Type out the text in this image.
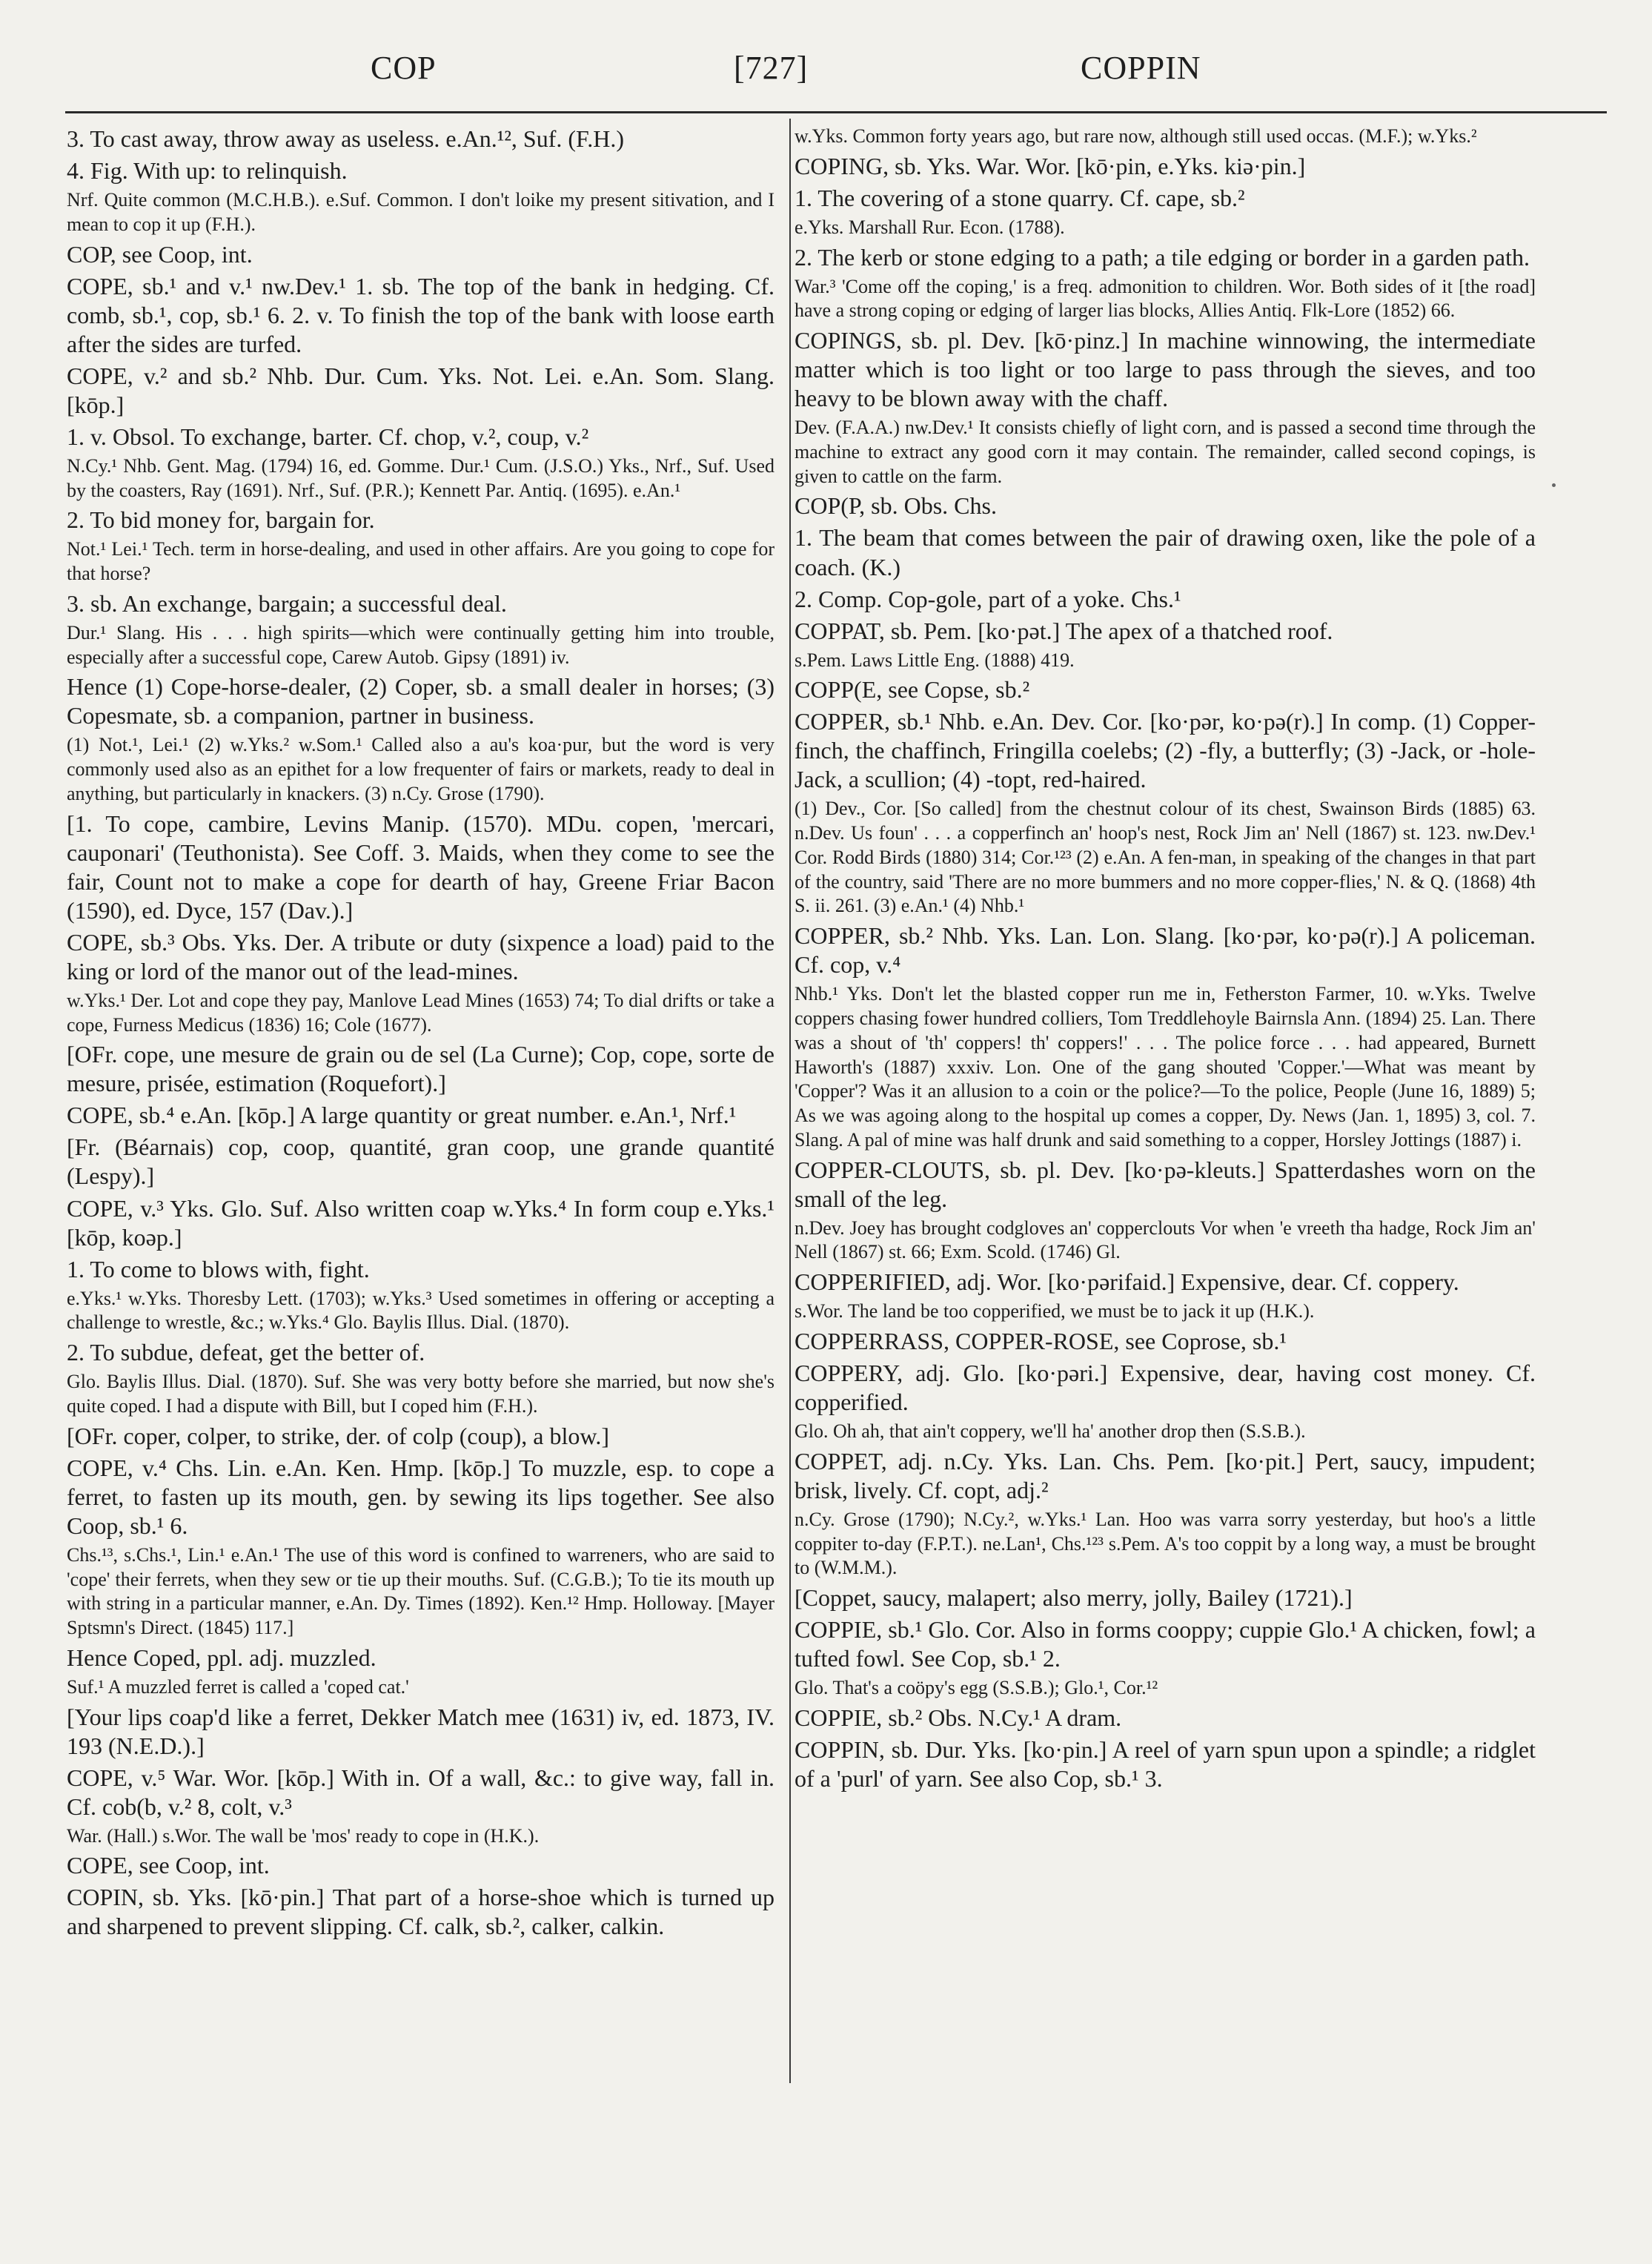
COP	[727]	COPPIN

3. To cast away, throw away as useless. e.An.¹², Suf. (F.H.)

4. Fig. With up: to relinquish.

Nrf. Quite common (M.C.H.B.). e.Suf. Common. I don't loike my present sitivation, and I mean to cop it up (F.H.).

COP, see Coop, int.

COPE, sb.¹ and v.¹ nw.Dev.¹ 1. sb. The top of the bank in hedging. Cf. comb, sb.¹, cop, sb.¹ 6. 2. v. To finish the top of the bank with loose earth after the sides are turfed.

COPE, v.² and sb.² Nhb. Dur. Cum. Yks. Not. Lei. e.An. Som. Slang. [kōp.]

1. v. Obsol. To exchange, barter. Cf. chop, v.², coup, v.²

N.Cy.¹ Nhb. Gent. Mag. (1794) 16, ed. Gomme. Dur.¹ Cum. (J.S.O.) Yks., Nrf., Suf. Used by the coasters, Ray (1691). Nrf., Suf. (P.R.); Kennett Par. Antiq. (1695). e.An.¹

2. To bid money for, bargain for.

Not.¹ Lei.¹ Tech. term in horse-dealing, and used in other affairs. Are you going to cope for that horse?

3. sb. An exchange, bargain; a successful deal.

Dur.¹ Slang. His . . . high spirits—which were continually getting him into trouble, especially after a successful cope, Carew Autob. Gipsy (1891) iv.

Hence (1) Cope-horse-dealer, (2) Coper, sb. a small dealer in horses; (3) Copesmate, sb. a companion, partner in business.

(1) Not.¹, Lei.¹ (2) w.Yks.² w.Som.¹ Called also a au's koa·pur, but the word is very commonly used also as an epithet for a low frequenter of fairs or markets, ready to deal in anything, but particularly in knackers. (3) n.Cy. Grose (1790).

[1. To cope, cambire, Levins Manip. (1570). MDu. copen, 'mercari, cauponari' (Teuthonista). See Coff. 3. Maids, when they come to see the fair, Count not to make a cope for dearth of hay, Greene Friar Bacon (1590), ed. Dyce, 157 (Dav.).]

COPE, sb.³ Obs. Yks. Der. A tribute or duty (sixpence a load) paid to the king or lord of the manor out of the lead-mines.

w.Yks.¹ Der. Lot and cope they pay, Manlove Lead Mines (1653) 74; To dial drifts or take a cope, Furness Medicus (1836) 16; Cole (1677).

[OFr. cope, une mesure de grain ou de sel (La Curne); Cop, cope, sorte de mesure, prisée, estimation (Roquefort).]

COPE, sb.⁴ e.An. [kōp.] A large quantity or great number. e.An.¹, Nrf.¹

[Fr. (Béarnais) cop, coop, quantité, gran coop, une grande quantité (Lespy).]

COPE, v.³ Yks. Glo. Suf. Also written coap w.Yks.⁴ In form coup e.Yks.¹ [kōp, koəp.]

1. To come to blows with, fight.

e.Yks.¹ w.Yks. Thoresby Lett. (1703); w.Yks.³ Used sometimes in offering or accepting a challenge to wrestle, &c.; w.Yks.⁴ Glo. Baylis Illus. Dial. (1870).

2. To subdue, defeat, get the better of.

Glo. Baylis Illus. Dial. (1870). Suf. She was very botty before she married, but now she's quite coped. I had a dispute with Bill, but I coped him (F.H.).

[OFr. coper, colper, to strike, der. of colp (coup), a blow.]

COPE, v.⁴ Chs. Lin. e.An. Ken. Hmp. [kōp.] To muzzle, esp. to cope a ferret, to fasten up its mouth, gen. by sewing its lips together. See also Coop, sb.¹ 6.

Chs.¹³, s.Chs.¹, Lin.¹ e.An.¹ The use of this word is confined to warreners, who are said to 'cope' their ferrets, when they sew or tie up their mouths. Suf. (C.G.B.); To tie its mouth up with string in a particular manner, e.An. Dy. Times (1892). Ken.¹² Hmp. Holloway. [Mayer Sptsmn's Direct. (1845) 117.]

Hence Coped, ppl. adj. muzzled.

Suf.¹ A muzzled ferret is called a 'coped cat.'

[Your lips coap'd like a ferret, Dekker Match mee (1631) iv, ed. 1873, IV. 193 (N.E.D.).]

COPE, v.⁵ War. Wor. [kōp.] With in. Of a wall, &c.: to give way, fall in. Cf. cob(b, v.² 8, colt, v.³

War. (Hall.) s.Wor. The wall be 'mos' ready to cope in (H.K.).

COPE, see Coop, int.

COPIN, sb. Yks. [kō·pin.] That part of a horse-shoe which is turned up and sharpened to prevent slipping. Cf. calk, sb.², calker, calkin.

w.Yks. Common forty years ago, but rare now, although still used occas. (M.F.); w.Yks.²

COPING, sb. Yks. War. Wor. [kō·pin, e.Yks. kiə·pin.]

1. The covering of a stone quarry. Cf. cape, sb.²

e.Yks. Marshall Rur. Econ. (1788).

2. The kerb or stone edging to a path; a tile edging or border in a garden path.

War.³ 'Come off the coping,' is a freq. admonition to children. Wor. Both sides of it [the road] have a strong coping or edging of larger lias blocks, Allies Antiq. Flk-Lore (1852) 66.

COPINGS, sb. pl. Dev. [kō·pinz.] In machine winnowing, the intermediate matter which is too light or too large to pass through the sieves, and too heavy to be blown away with the chaff.

Dev. (F.A.A.) nw.Dev.¹ It consists chiefly of light corn, and is passed a second time through the machine to extract any good corn it may contain. The remainder, called second copings, is given to cattle on the farm.

COP(P, sb. Obs. Chs.

1. The beam that comes between the pair of drawing oxen, like the pole of a coach. (K.)

2. Comp. Cop-gole, part of a yoke. Chs.¹

COPPAT, sb. Pem. [ko·pət.] The apex of a thatched roof.

s.Pem. Laws Little Eng. (1888) 419.

COPP(E, see Copse, sb.²

COPPER, sb.¹ Nhb. e.An. Dev. Cor. [ko·pər, ko·pə(r).] In comp. (1) Copper-finch, the chaffinch, Fringilla coelebs; (2) -fly, a butterfly; (3) -Jack, or -hole-Jack, a scullion; (4) -topt, red-haired.

(1) Dev., Cor. [So called] from the chestnut colour of its chest, Swainson Birds (1885) 63. n.Dev. Us foun' . . . a copperfinch an' hoop's nest, Rock Jim an' Nell (1867) st. 123. nw.Dev.¹ Cor. Rodd Birds (1880) 314; Cor.¹²³ (2) e.An. A fen-man, in speaking of the changes in that part of the country, said 'There are no more bummers and no more copper-flies,' N. & Q. (1868) 4th S. ii. 261. (3) e.An.¹ (4) Nhb.¹

COPPER, sb.² Nhb. Yks. Lan. Lon. Slang. [ko·pər, ko·pə(r).] A policeman. Cf. cop, v.⁴

Nhb.¹ Yks. Don't let the blasted copper run me in, Fetherston Farmer, 10. w.Yks. Twelve coppers chasing fower hundred colliers, Tom Treddlehoyle Bairnsla Ann. (1894) 25. Lan. There was a shout of 'th' coppers! th' coppers!' . . . The police force . . . had appeared, Burnett Haworth's (1887) xxxiv. Lon. One of the gang shouted 'Copper.'—What was meant by 'Copper'? Was it an allusion to a coin or the police?—To the police, People (June 16, 1889) 5; As we was agoing along to the hospital up comes a copper, Dy. News (Jan. 1, 1895) 3, col. 7. Slang. A pal of mine was half drunk and said something to a copper, Horsley Jottings (1887) i.

COPPER-CLOUTS, sb. pl. Dev. [ko·pə-kleuts.] Spatterdashes worn on the small of the leg.

n.Dev. Joey has brought codgloves an' copperclouts Vor when 'e vreeth tha hadge, Rock Jim an' Nell (1867) st. 66; Exm. Scold. (1746) Gl.

COPPERIFIED, adj. Wor. [ko·pərifaid.] Expensive, dear. Cf. coppery.

s.Wor. The land be too copperified, we must be to jack it up (H.K.).

COPPERRASS, COPPER-ROSE, see Coprose, sb.¹

COPPERY, adj. Glo. [ko·pəri.] Expensive, dear, having cost money. Cf. copperified.

Glo. Oh ah, that ain't coppery, we'll ha' another drop then (S.S.B.).

COPPET, adj. n.Cy. Yks. Lan. Chs. Pem. [ko·pit.] Pert, saucy, impudent; brisk, lively. Cf. copt, adj.²

n.Cy. Grose (1790); N.Cy.², w.Yks.¹ Lan. Hoo was varra sorry yesterday, but hoo's a little coppiter to-day (F.P.T.). ne.Lan¹, Chs.¹²³ s.Pem. A's too coppit by a long way, a must be brought to (W.M.M.).

[Coppet, saucy, malapert; also merry, jolly, Bailey (1721).]

COPPIE, sb.¹ Glo. Cor. Also in forms cooppy; cuppie Glo.¹ A chicken, fowl; a tufted fowl. See Cop, sb.¹ 2.

Glo. That's a coöpy's egg (S.S.B.); Glo.¹, Cor.¹²

COPPIE, sb.² Obs. N.Cy.¹ A dram.

COPPIN, sb. Dur. Yks. [ko·pin.] A reel of yarn spun upon a spindle; a ridglet of a 'purl' of yarn. See also Cop, sb.¹ 3.
